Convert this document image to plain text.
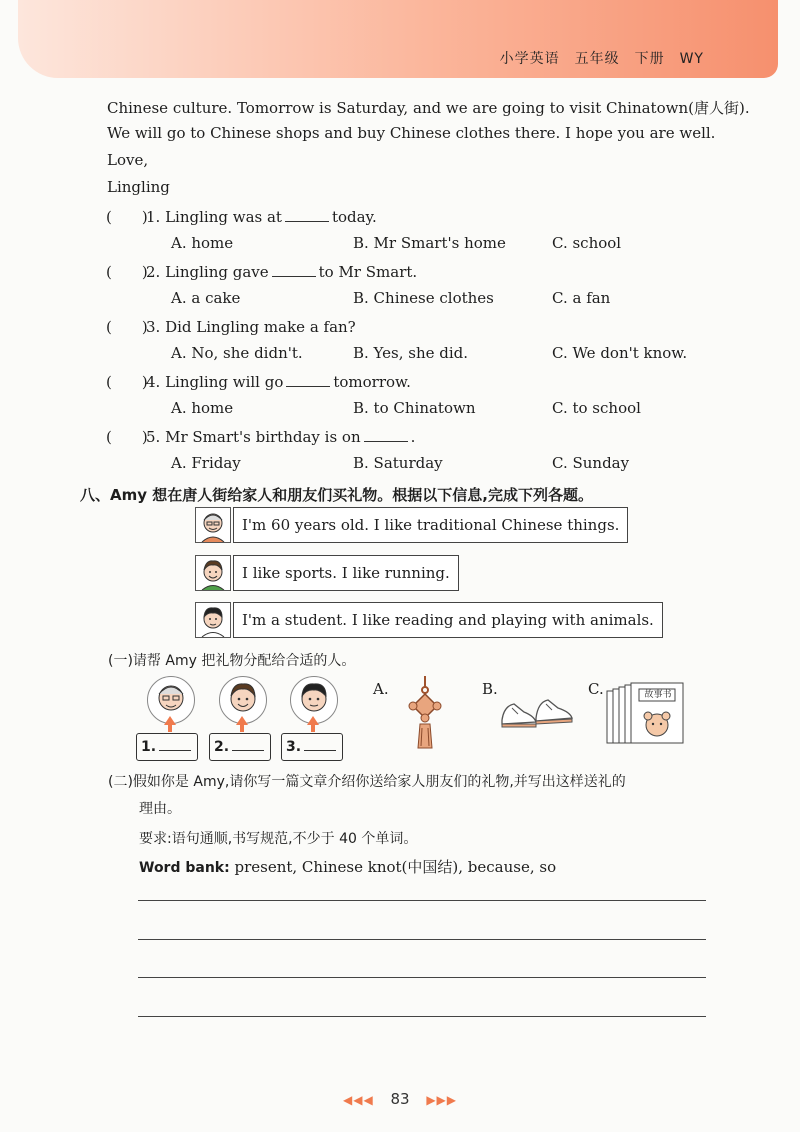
小学英语　五年级　下册　WY
Chinese culture. Tomorrow is Saturday, and we are going to visit Chinatown(唐人街).
We will go to Chinese shops and buy Chinese clothes there. I hope you are well.
Love,
Lingling
(　　)1. Lingling was at	today.
A. home	B. Mr Smart's home	C. school
(　　)2. Lingling gave	to Mr Smart.
A. a cake	B. Chinese clothes	C. a fan
(　　)3. Did Lingling make a fan?
A. No, she didn't.	B. Yes, she did.	C. We don't know.
(　　)4. Lingling will go	tomorrow.
A. home	B. to Chinatown	C. to school
(　　)5. Mr Smart's birthday is on	.
A. Friday	B. Saturday	C. Sunday
八、Amy 想在唐人街给家人和朋友们买礼物。根据以下信息,完成下列各题。
I'm 60 years old. I like traditional Chinese things.
I like sports. I like running.
I'm a student. I like reading and playing with animals.
(一)请帮 Amy 把礼物分配给合适的人。
1.	2.	3.
A.	B.	C.	故事书
(二)假如你是 Amy,请你写一篇文章介绍你送给家人朋友们的礼物,并写出这样送礼的
理由。
要求:语句通顺,书写规范,不少于 40 个单词。
Word bank: present, Chinese knot(中国结), because, so
◀◀◀ 83 ▶▶▶
